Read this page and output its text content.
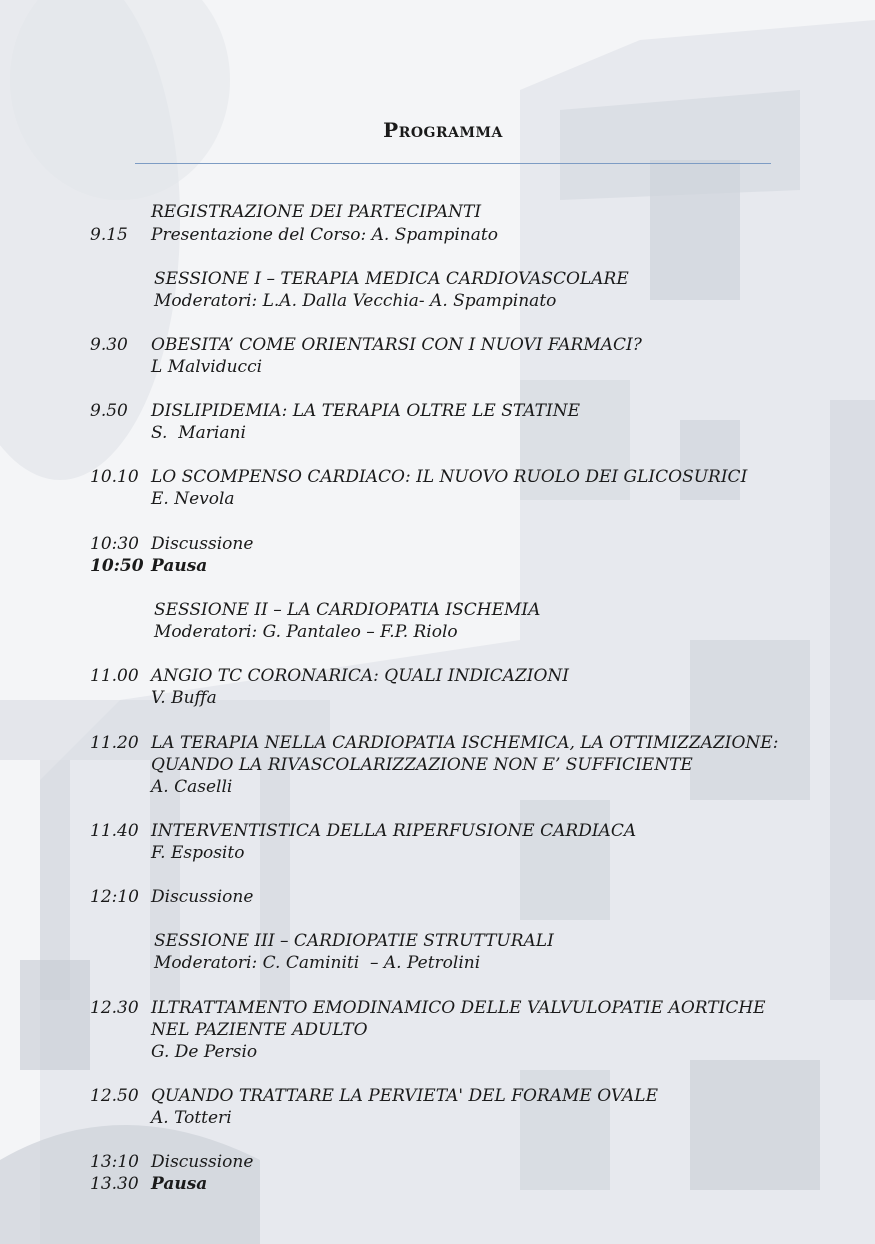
Programma
REGISTRAZIONE DEI PARTECIPANTI
9.15	Presentazione del Corso: A. Spampinato
SESSIONE I – TERAPIA MEDICA CARDIOVASCOLARE
Moderatori: L.A. Dalla Vecchia- A. Spampinato
9.30	OBESITA’ COME ORIENTARSI CON I NUOVI FARMACI?
L Malviducci
9.50	DISLIPIDEMIA: LA TERAPIA OLTRE LE STATINE
S.  Mariani
10.10 LO SCOMPENSO CARDIACO: IL NUOVO RUOLO DEI GLICOSURICI
E. Nevola
10:30 Discussione
10:50 Pausa
SESSIONE II – LA CARDIOPATIA ISCHEMIA
Moderatori: G. Pantaleo – F.P. Riolo
11.00 ANGIO TC CORONARICA: QUALI INDICAZIONI
V. Buffa
11.20 LA TERAPIA NELLA CARDIOPATIA ISCHEMICA, LA OTTIMIZZAZIONE:
QUANDO LA RIVASCOLARIZZAZIONE NON E’ SUFFICIENTE
A. Caselli
11.40 INTERVENTISTICA DELLA RIPERFUSIONE CARDIACA
F. Esposito
12:10 Discussione
SESSIONE III – CARDIOPATIE STRUTTURALI
Moderatori: C. Caminiti  – A. Petrolini
12.30 ILTRATTAMENTO EMODINAMICO DELLE VALVULOPATIE AORTICHE
NEL PAZIENTE ADULTO
G. De Persio
12.50 QUANDO TRATTARE LA PERVIETA' DEL FORAME OVALE
A. Totteri
13:10 Discussione
13.30 Pausa
